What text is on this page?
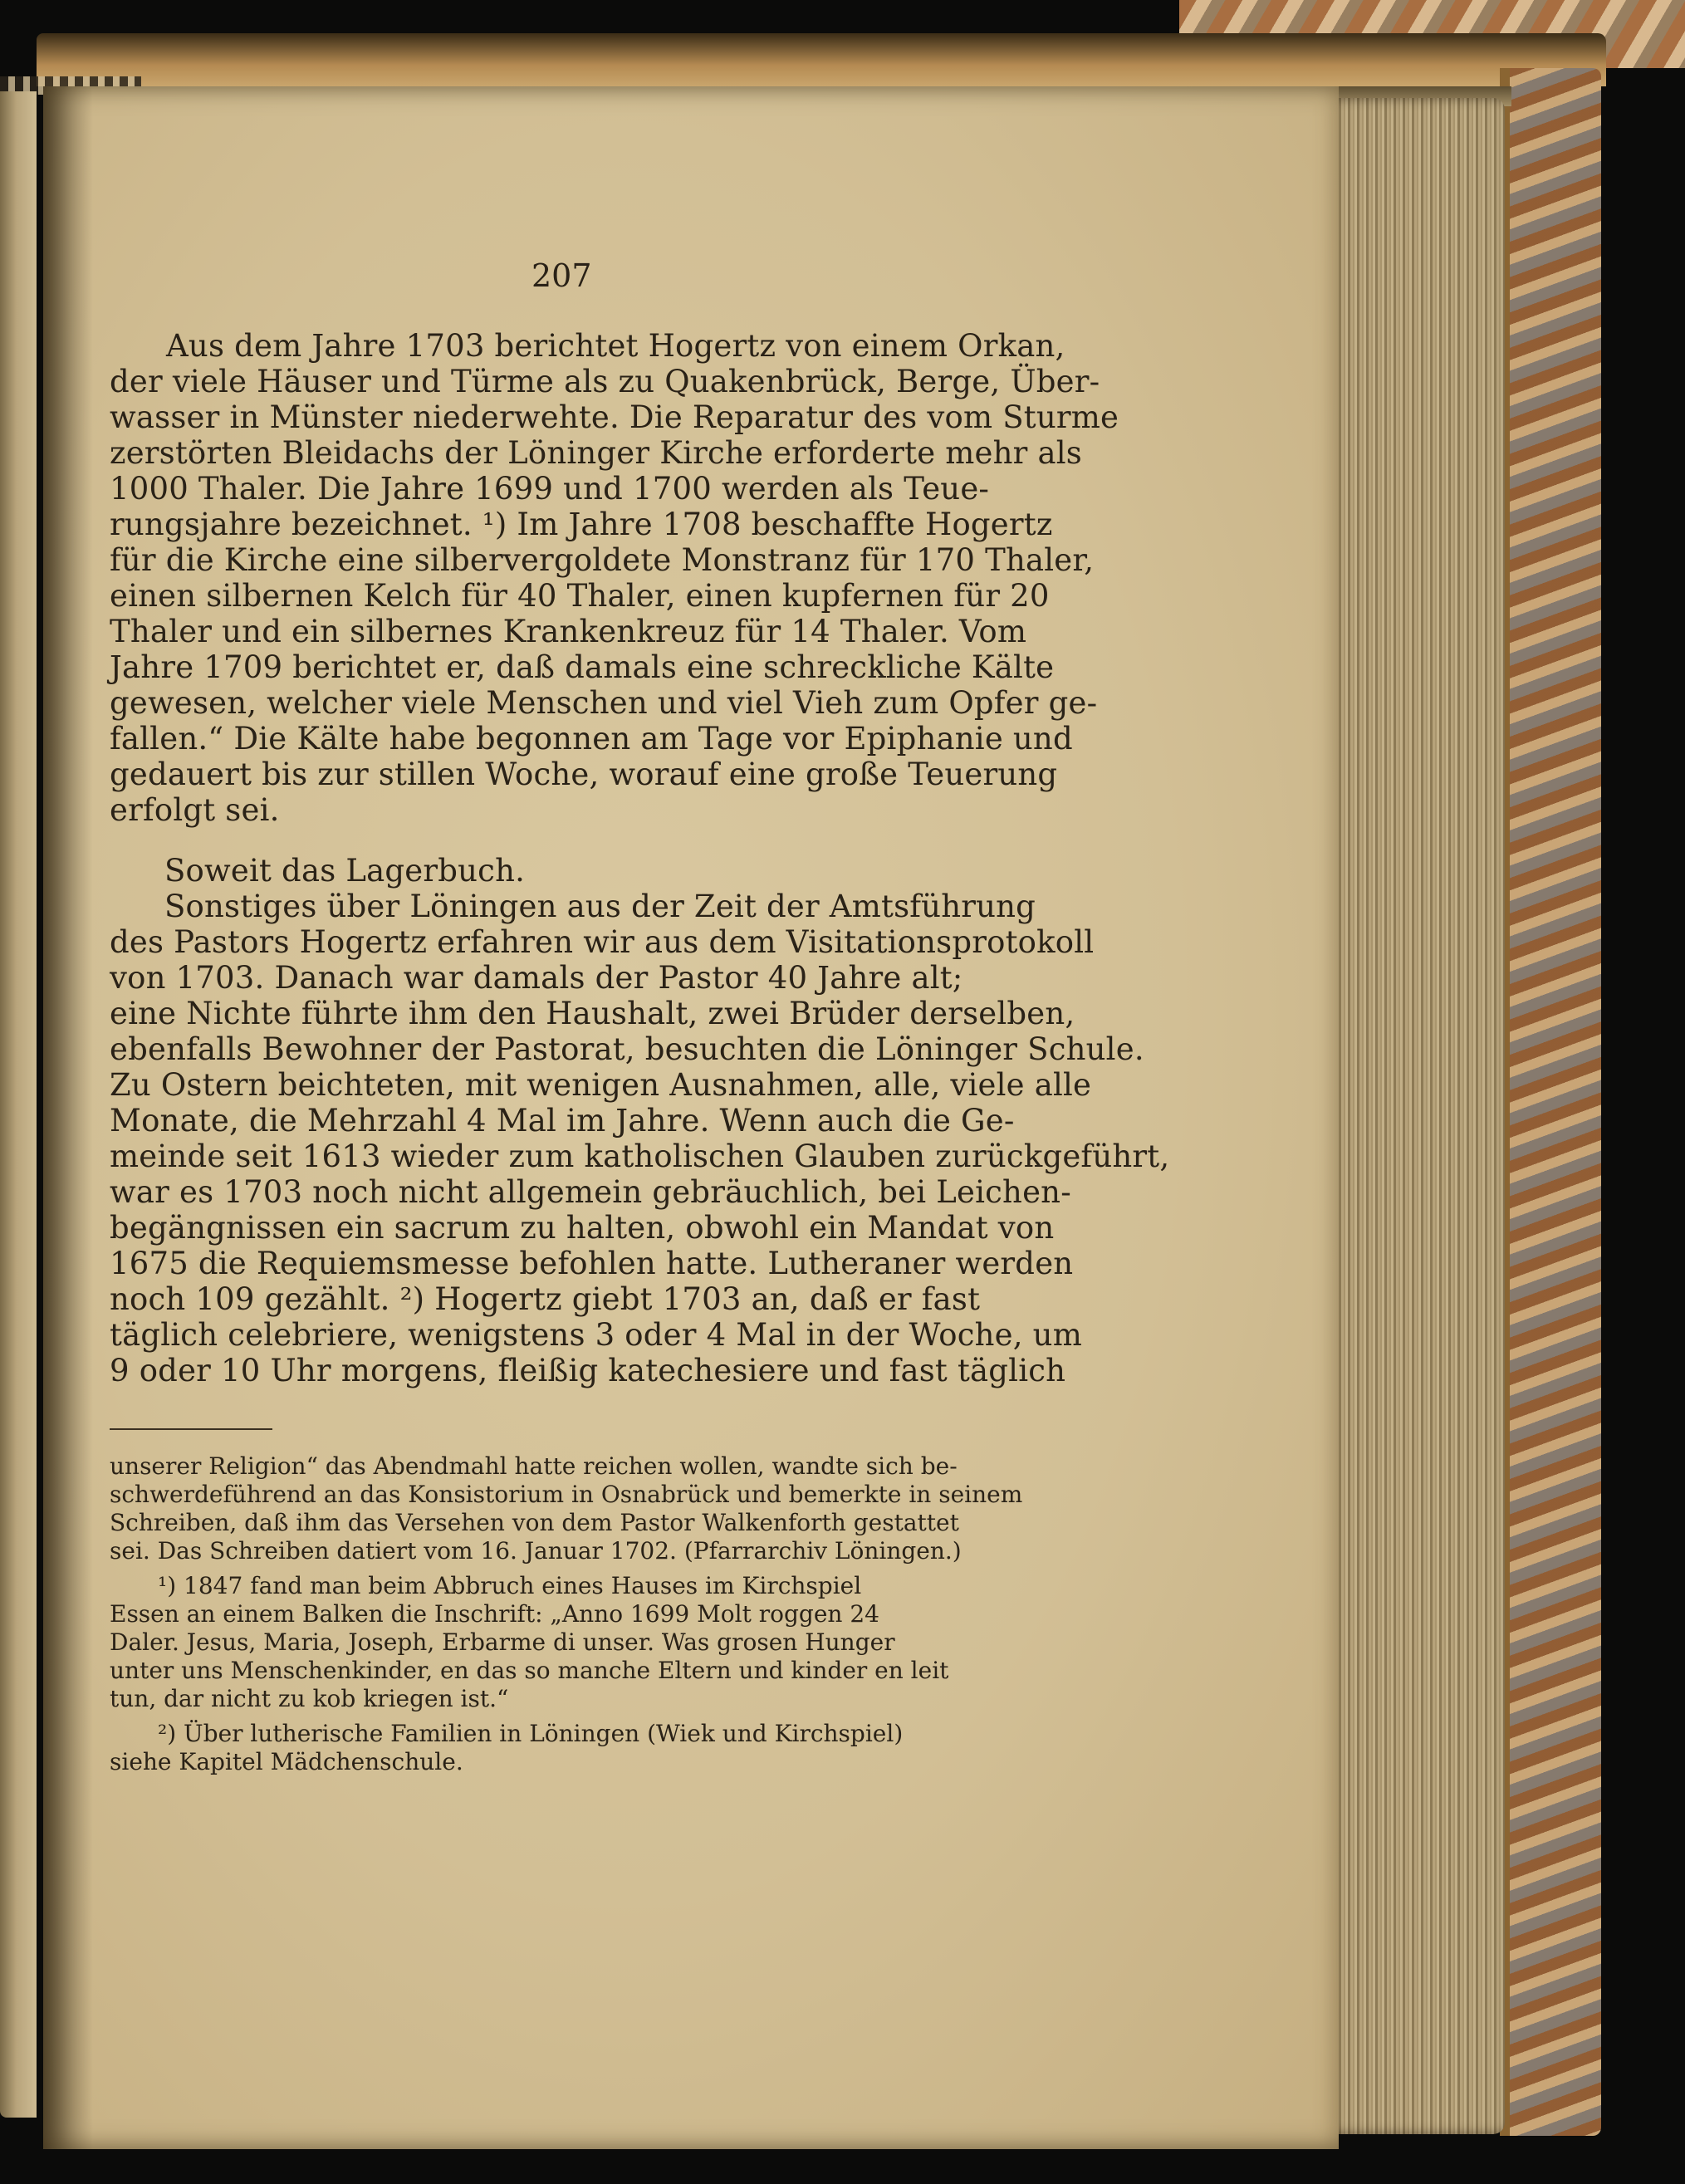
207

Aus dem Jahre 1703 berichtet Hogertz von einem Orkan,

der viele Häuser und Türme als zu Quakenbrück, Berge, Über-

wasser in Münster niederwehte. Die Reparatur des vom Sturme

zerstörten Bleidachs der Löninger Kirche erforderte mehr als

1000 Thaler. Die Jahre 1699 und 1700 werden als Teue-

rungsjahre bezeichnet. ¹) Im Jahre 1708 beschaffte Hogertz

für die Kirche eine silbervergoldete Monstranz für 170 Thaler,

einen silbernen Kelch für 40 Thaler, einen kupfernen für 20

Thaler und ein silbernes Krankenkreuz für 14 Thaler. Vom

Jahre 1709 berichtet er, daß damals eine schreckliche Kälte

gewesen, welcher viele Menschen und viel Vieh zum Opfer ge-

fallen.“ Die Kälte habe begonnen am Tage vor Epiphanie und

gedauert bis zur stillen Woche, worauf eine große Teuerung

erfolgt sei.

Soweit das Lagerbuch.

Sonstiges über Löningen aus der Zeit der Amtsführung

des Pastors Hogertz erfahren wir aus dem Visitationsprotokoll

von 1703. Danach war damals der Pastor 40 Jahre alt;

eine Nichte führte ihm den Haushalt, zwei Brüder derselben,

ebenfalls Bewohner der Pastorat, besuchten die Löninger Schule.

Zu Ostern beichteten, mit wenigen Ausnahmen, alle, viele alle

Monate, die Mehrzahl 4 Mal im Jahre. Wenn auch die Ge-

meinde seit 1613 wieder zum katholischen Glauben zurückgeführt,

war es 1703 noch nicht allgemein gebräuchlich, bei Leichen-

begängnissen ein sacrum zu halten, obwohl ein Mandat von

1675 die Requiemsmesse befohlen hatte. Lutheraner werden

noch 109 gezählt. ²) Hogertz giebt 1703 an, daß er fast

täglich celebriere, wenigstens 3 oder 4 Mal in der Woche, um

9 oder 10 Uhr morgens, fleißig katechesiere und fast täglich

unserer Religion“ das Abendmahl hatte reichen wollen, wandte sich be-

schwerdeführend an das Konsistorium in Osnabrück und bemerkte in seinem

Schreiben, daß ihm das Versehen von dem Pastor Walkenforth gestattet

sei. Das Schreiben datiert vom 16. Januar 1702. (Pfarrarchiv Löningen.)

¹) 1847 fand man beim Abbruch eines Hauses im Kirchspiel

Essen an einem Balken die Inschrift: „Anno 1699 Molt roggen 24

Daler. Jesus, Maria, Joseph, Erbarme di unser. Was grosen Hunger

unter uns Menschenkinder, en das so manche Eltern und kinder en leit

tun, dar nicht zu kob kriegen ist.“

²) Über lutherische Familien in Löningen (Wiek und Kirchspiel)

siehe Kapitel Mädchenschule.
